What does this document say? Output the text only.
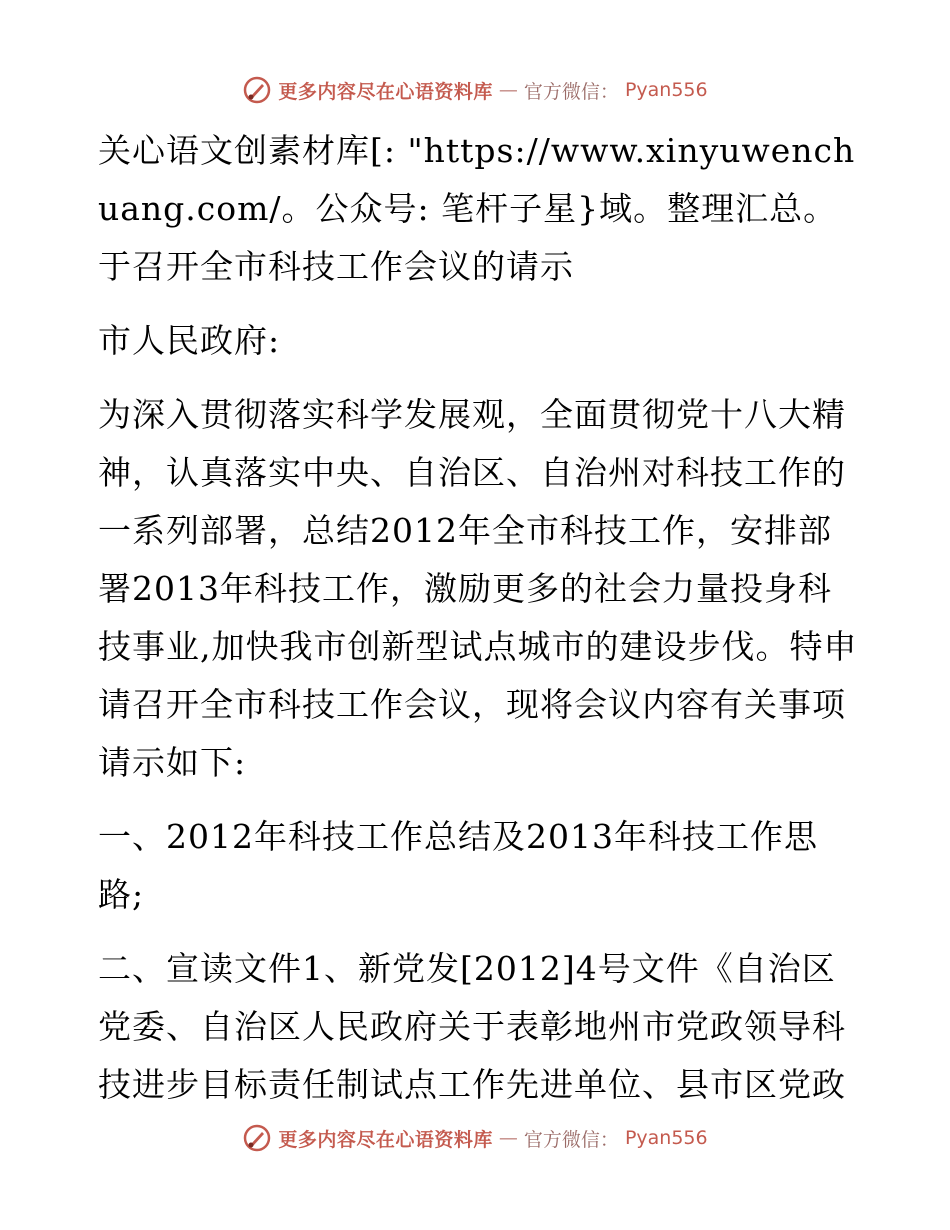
更多内容尽在心语资料库 — 官方微信： Pyan556

关心语文创素材库[: "https://www.xinyuwenchuang.com/。公众号: 笔杆子星}域。整理汇总。于召开全市科技工作会议的请示

市人民政府:

为深入贯彻落实科学发展观，全面贯彻党十八大精神，认真落实中央、自治区、自治州对科技工作的一系列部署，总结2012年全市科技工作，安排部署2013年科技工作，激励更多的社会力量投身科技事业,加快我市创新型试点城市的建设步伐。特申请召开全市科技工作会议，现将会议内容有关事项请示如下:

一、2012年科技工作总结及2013年科技工作思路;

二、宣读文件1、新党发[2012]4号文件《自治区党委、自治区人民政府关于表彰地州市党政领导科技进步目标责任制试点工作先进单位、县市区党政

更多内容尽在心语资料库 — 官方微信： Pyan556
